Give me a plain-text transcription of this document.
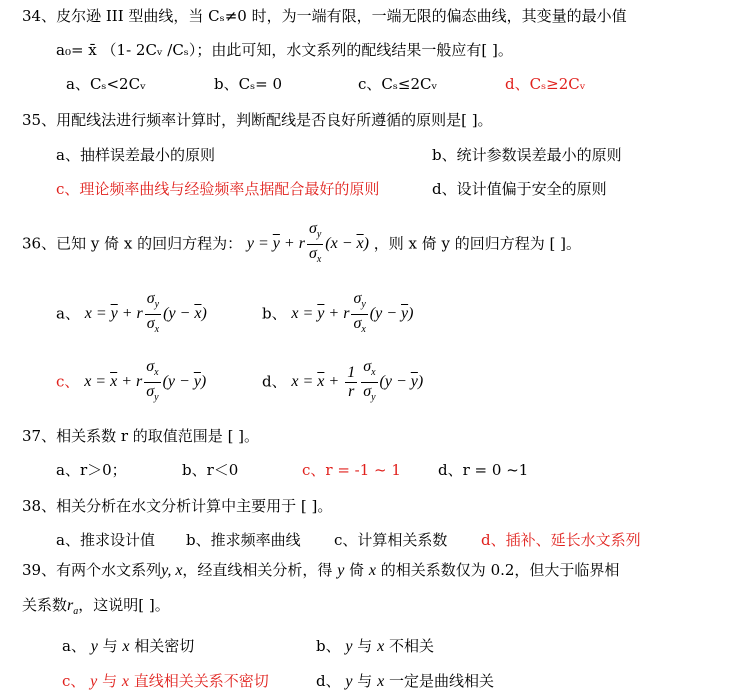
34、皮尔逊 III 型曲线，当 Cₛ≠0 时，为一端有限，一端无限的偏态曲线，其变量的最小值
a₀= x̄ （1- 2Cᵥ /Cₛ）；由此可知，水文系列的配线结果一般应有[ ]。
a、Cₛ<2Cᵥ	b、Cₛ= 0	c、Cₛ≤2Cᵥ	d、Cₛ≥2Cᵥ
35、用配线法进行频率计算时，判断配线是否良好所遵循的原则是[ ]。
a、抽样误差最小的原则	b、统计参数误差最小的原则
c、理论频率曲线与经验频率点据配合最好的原则	d、设计值偏于安全的原则
36、已知 y 倚 x 的回归方程为： $y = \overline{y} + r \frac{\sigma_y}{\sigma_x} (x - \overline{x})$ ，则 x 倚 y 的回归方程为 [ ]。
a、 $x = \overline{y} + r \frac{\sigma_y}{\sigma_x} (y - \overline{x})$	b、 $x = \overline{y} + r \frac{\sigma_y}{\sigma_x} (y - \overline{y})$
c、 $x = \overline{x} + r \frac{\sigma_x}{\sigma_y} (y - \overline{y})$	d、 $x = \overline{x} + \frac{1}{r} \frac{\sigma_x}{\sigma_y} (y - \overline{y})$
37、相关系数 r 的取值范围是 [ ]。
a、r＞0；	b、r＜0	c、r = -1 ~ 1 d、r = 0 ~1
38、相关分析在水文分析计算中主要用于 [ ]。
a、推求设计值 b、推求频率曲线 c、计算相关系数 d、插补、延长水文系列
39、有两个水文系列y, x，经直线相关分析，得 y 倚 x 的相关系数仅为 0.2，但大于临界相
关系数$r_a$，这说明[ ]。
a、 y 与 x 相关密切	b、 y 与 x 不相关
c、 y 与 x 直线相关关系不密切	d、 y 与 x 一定是曲线相关
